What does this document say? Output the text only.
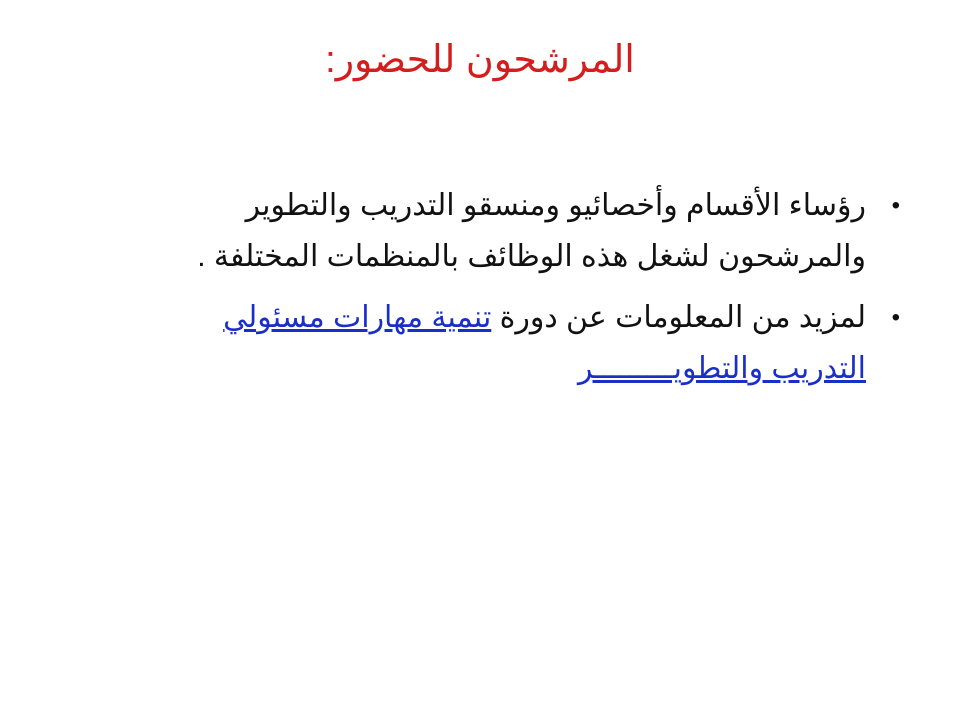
المرشحون للحضور:
•
رؤساء الأقسام وأخصائيو ومنسقو التدريب والتطوير والمرشحون لشغل هذه الوظائف بالمنظمات المختلفة .
•
لمزيد من المعلومات عن دورة تنمية مهارات مسئولي التدريب والتطويـــــــــر
